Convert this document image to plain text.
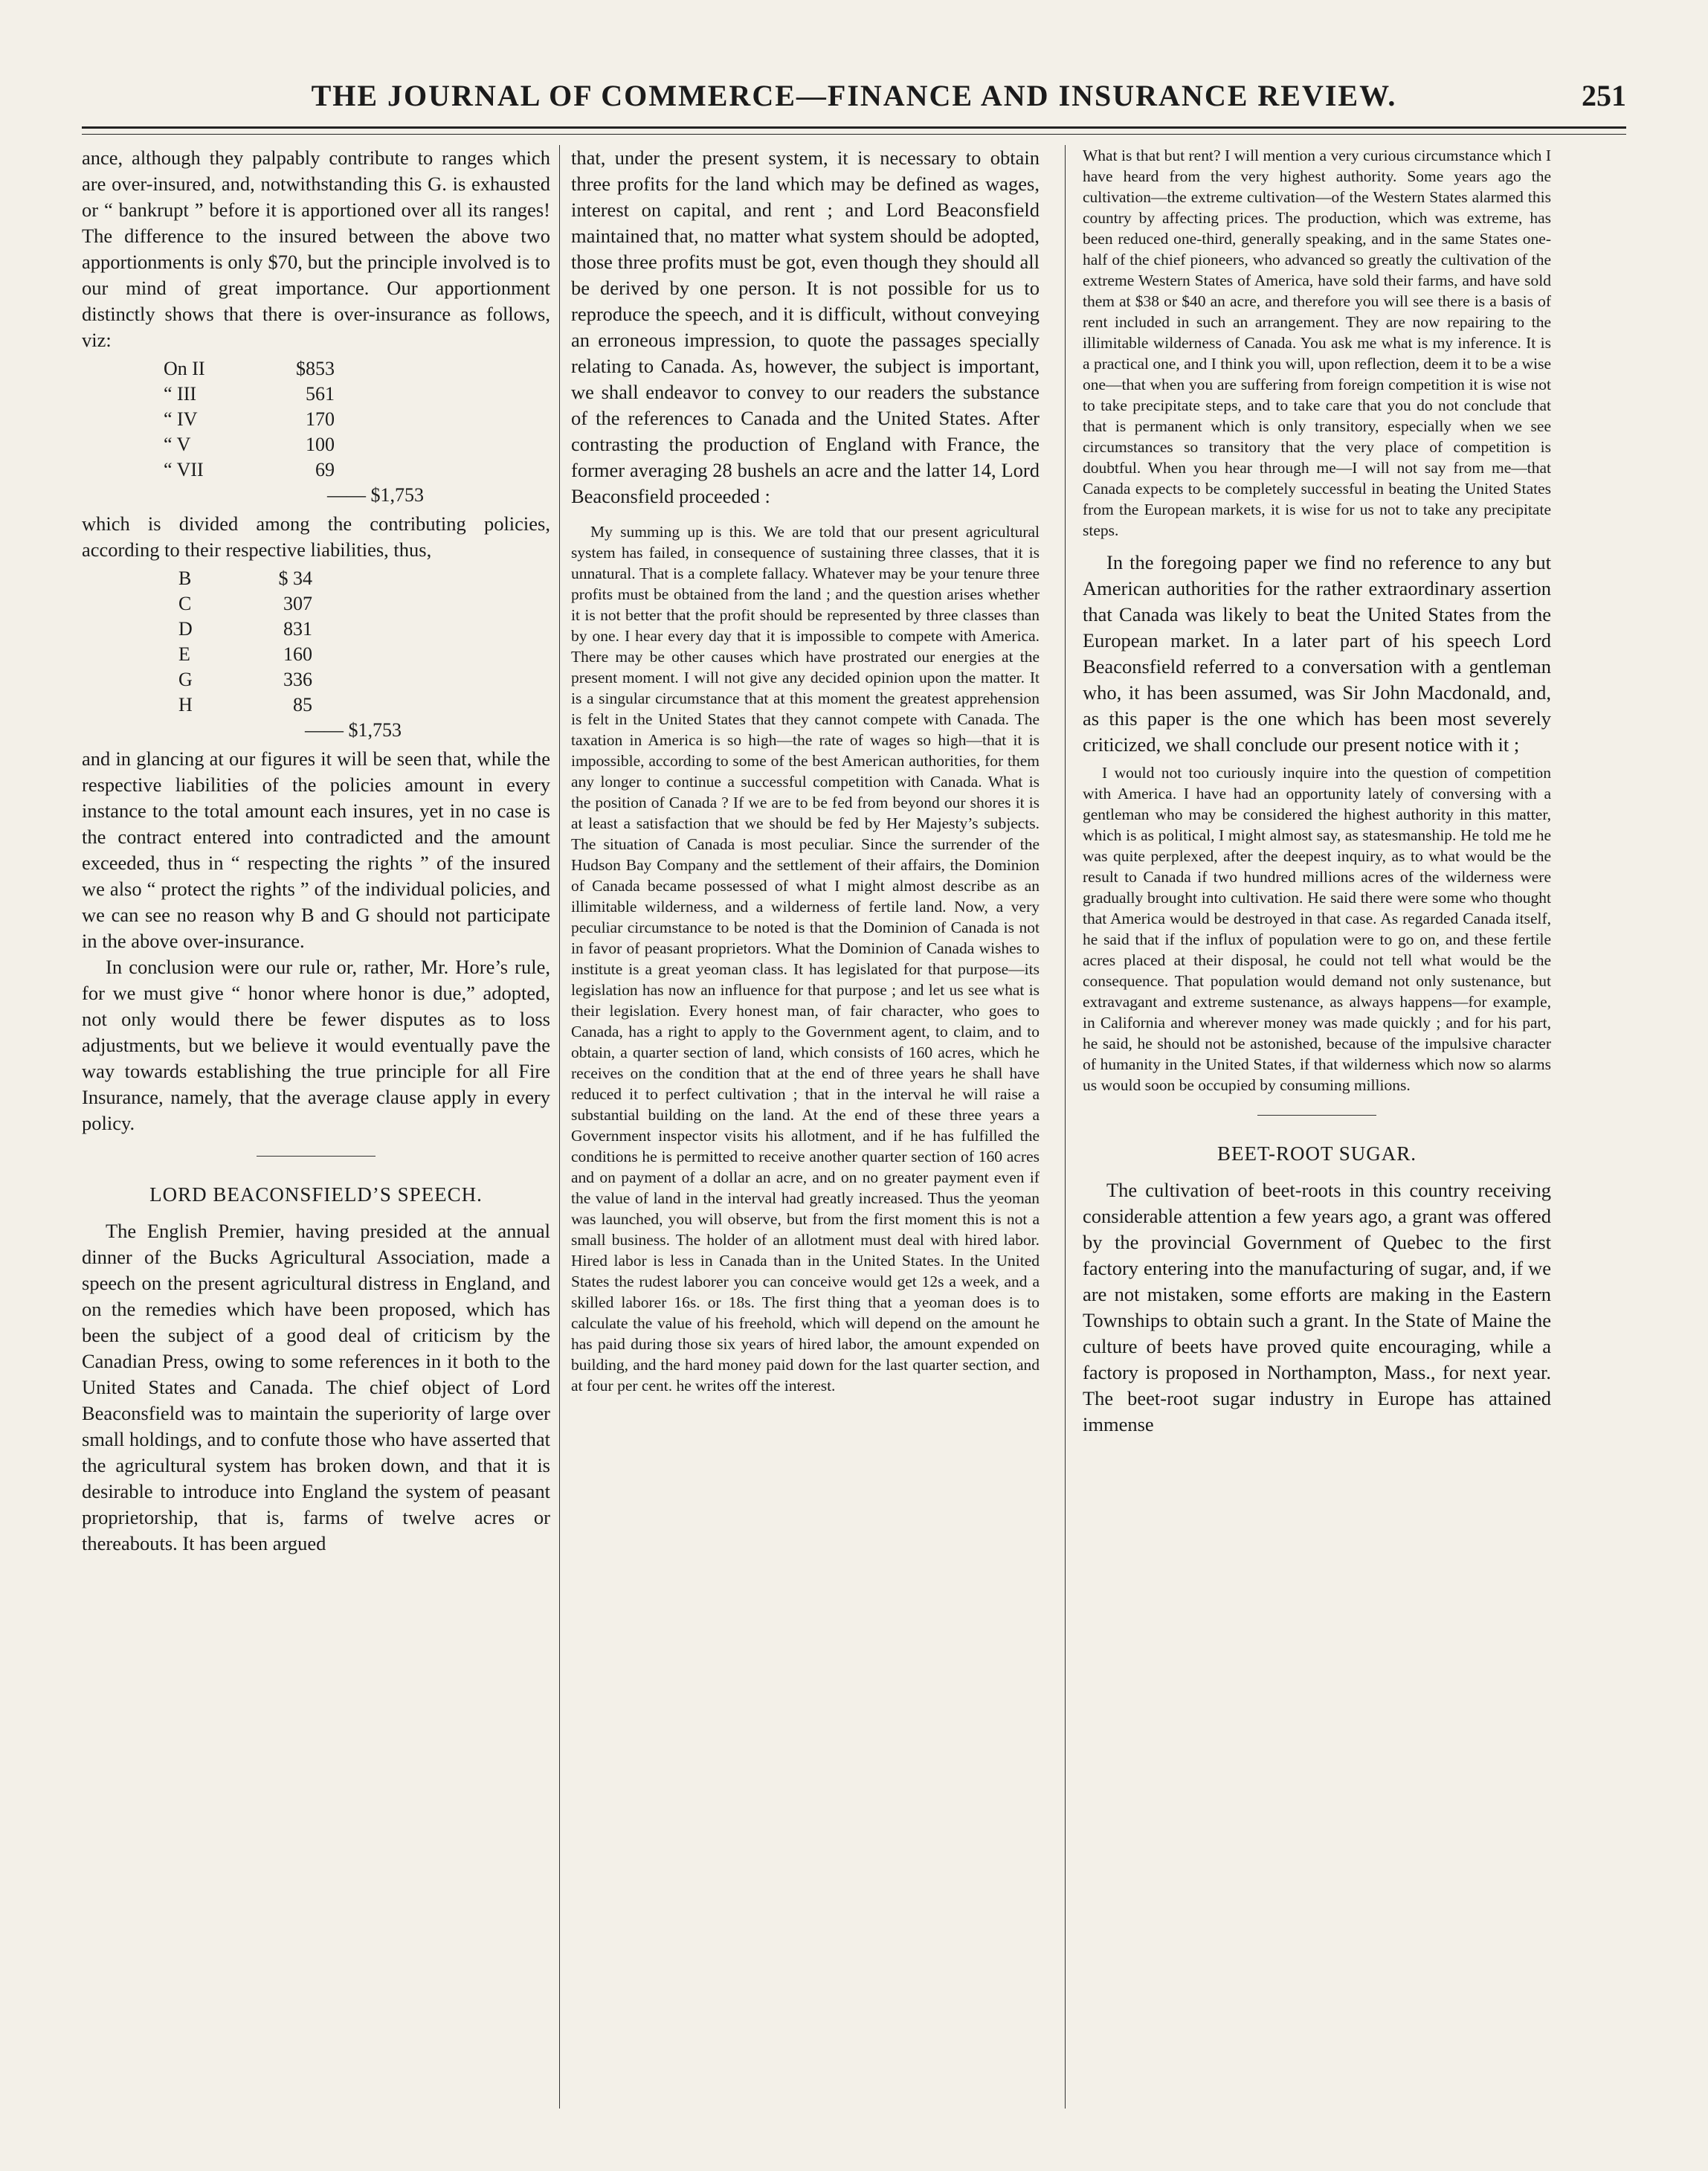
THE JOURNAL OF COMMERCE—FINANCE AND INSURANCE REVIEW.	251

ance, although they palpably contribute to ranges which are over-insured, and, notwithstanding this G. is exhausted or “ bankrupt ” before it is apportioned over all its ranges! The difference to the insured between the above two apportionments is only $70, but the principle involved is to our mind of great importance. Our apportionment distinctly shows that there is over-insurance as follows, viz:

On II	$853
“ III	561
“ IV	170
“ V	100
“ VII	69
—— $1,753

which is divided among the contributing policies, according to their respective liabilities, thus,

B	$ 34
C	307
D	831
E	160
G	336
H	85
—— $1,753

and in glancing at our figures it will be seen that, while the respective liabilities of the policies amount in every instance to the total amount each insures, yet in no case is the contract entered into contradicted and the amount exceeded, thus in “ respecting the rights ” of the insured we also “ protect the rights ” of the individual policies, and we can see no reason why B and G should not participate in the above over-insurance.

In conclusion were our rule or, rather, Mr. Hore’s rule, for we must give “ honor where honor is due,” adopted, not only would there be fewer disputes as to loss adjustments, but we believe it would eventually pave the way towards establishing the true principle for all Fire Insurance, namely, that the average clause apply in every policy.

LORD BEACONSFIELD’S SPEECH.

The English Premier, having presided at the annual dinner of the Bucks Agricultural Association, made a speech on the present agricultural distress in England, and on the remedies which have been proposed, which has been the subject of a good deal of criticism by the Canadian Press, owing to some references in it both to the United States and Canada. The chief object of Lord Beaconsfield was to maintain the superiority of large over small holdings, and to confute those who have asserted that the agricultural system has broken down, and that it is desirable to introduce into England the system of peasant proprietorship, that is, farms of twelve acres or thereabouts. It has been argued

that, under the present system, it is necessary to obtain three profits for the land which may be defined as wages, interest on capital, and rent ; and Lord Beaconsfield maintained that, no matter what system should be adopted, those three profits must be got, even though they should all be derived by one person. It is not possible for us to reproduce the speech, and it is difficult, without conveying an erroneous impression, to quote the passages specially relating to Canada. As, however, the subject is important, we shall endeavor to convey to our readers the substance of the references to Canada and the United States. After contrasting the production of England with France, the former averaging 28 bushels an acre and the latter 14, Lord Beaconsfield proceeded :

My summing up is this. We are told that our present agricultural system has failed, in consequence of sustaining three classes, that it is unnatural. That is a complete fallacy. Whatever may be your tenure three profits must be obtained from the land ; and the question arises whether it is not better that the profit should be represented by three classes than by one. I hear every day that it is impossible to compete with America. There may be other causes which have prostrated our energies at the present moment. I will not give any decided opinion upon the matter. It is a singular circumstance that at this moment the greatest apprehension is felt in the United States that they cannot compete with Canada. The taxation in America is so high—the rate of wages so high—that it is impossible, according to some of the best American authorities, for them any longer to continue a successful competition with Canada. What is the position of Canada ? If we are to be fed from beyond our shores it is at least a satisfaction that we should be fed by Her Majesty’s subjects. The situation of Canada is most peculiar. Since the surrender of the Hudson Bay Company and the settlement of their affairs, the Dominion of Canada became possessed of what I might almost describe as an illimitable wilderness, and a wilderness of fertile land. Now, a very peculiar circumstance to be noted is that the Dominion of Canada is not in favor of peasant proprietors. What the Dominion of Canada wishes to institute is a great yeoman class. It has legislated for that purpose—its legislation has now an influence for that purpose ; and let us see what is their legislation. Every honest man, of fair character, who goes to Canada, has a right to apply to the Government agent, to claim, and to obtain, a quarter section of land, which consists of 160 acres, which he receives on the condition that at the end of three years he shall have reduced it to perfect cultivation ; that in the interval he will raise a substantial building on the land. At the end of these three years a Government inspector visits his allotment, and if he has fulfilled the conditions he is permitted to receive another quarter section of 160 acres and on payment of a dollar an acre, and on no greater payment even if the value of land in the interval had greatly increased. Thus the yeoman was launched, you will observe, but from the first moment this is not a small business. The holder of an allotment must deal with hired labor. Hired labor is less in Canada than in the United States. In the United States the rudest laborer you can conceive would get 12s a week, and a skilled laborer 16s. or 18s. The first thing that a yeoman does is to calculate the value of his freehold, which will depend on the amount he has paid during those six years of hired labor, the amount expended on building, and the hard money paid down for the last quarter section, and at four per cent. he writes off the interest.

What is that but rent? I will mention a very curious circumstance which I have heard from the very highest authority. Some years ago the cultivation—the extreme cultivation—of the Western States alarmed this country by affecting prices. The production, which was extreme, has been reduced one-third, generally speaking, and in the same States one-half of the chief pioneers, who advanced so greatly the cultivation of the extreme Western States of America, have sold their farms, and have sold them at $38 or $40 an acre, and therefore you will see there is a basis of rent included in such an arrangement. They are now repairing to the illimitable wilderness of Canada. You ask me what is my inference. It is a practical one, and I think you will, upon reflection, deem it to be a wise one—that when you are suffering from foreign competition it is wise not to take precipitate steps, and to take care that you do not conclude that that is permanent which is only transitory, especially when we see circumstances so transitory that the very place of competition is doubtful. When you hear through me—I will not say from me—that Canada expects to be completely successful in beating the United States from the European markets, it is wise for us not to take any precipitate steps.

In the foregoing paper we find no reference to any but American authorities for the rather extraordinary assertion that Canada was likely to beat the United States from the European market. In a later part of his speech Lord Beaconsfield referred to a conversation with a gentleman who, it has been assumed, was Sir John Macdonald, and, as this paper is the one which has been most severely criticized, we shall conclude our present notice with it ;

I would not too curiously inquire into the question of competition with America. I have had an opportunity lately of conversing with a gentleman who may be considered the highest authority in this matter, which is as political, I might almost say, as statesmanship. He told me he was quite perplexed, after the deepest inquiry, as to what would be the result to Canada if two hundred millions acres of the wilderness were gradually brought into cultivation. He said there were some who thought that America would be destroyed in that case. As regarded Canada itself, he said that if the influx of population were to go on, and these fertile acres placed at their disposal, he could not tell what would be the consequence. That population would demand not only sustenance, but extravagant and extreme sustenance, as always happens—for example, in California and wherever money was made quickly ; and for his part, he said, he should not be astonished, because of the impulsive character of humanity in the United States, if that wilderness which now so alarms us would soon be occupied by consuming millions.

BEET-ROOT SUGAR.

The cultivation of beet-roots in this country receiving considerable attention a few years ago, a grant was offered by the provincial Government of Quebec to the first factory entering into the manufacturing of sugar, and, if we are not mistaken, some efforts are making in the Eastern Townships to obtain such a grant. In the State of Maine the culture of beets have proved quite encouraging, while a factory is proposed in Northampton, Mass., for next year. The beet-root sugar industry in Europe has attained immense
